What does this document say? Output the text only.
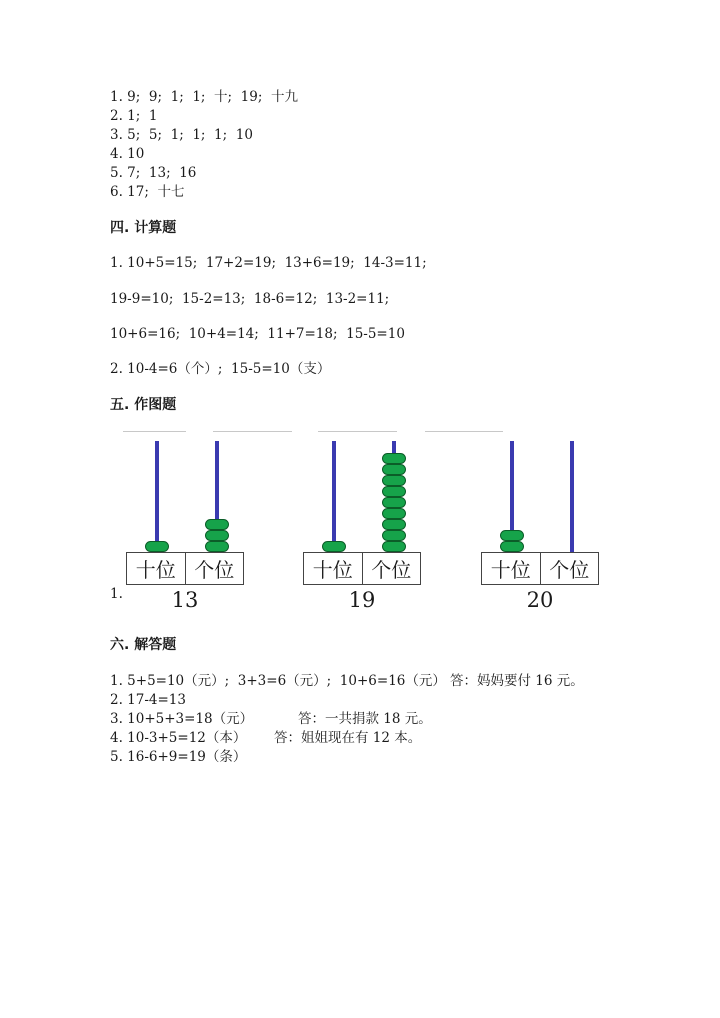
1. 9;  9;  1;  1;  十;  19;  十九
2. 1;  1
3. 5;  5;  1;  1;  1;  10
4. 10
5. 7;  13;  16
6. 17;  十七
四. 计算题
1. 10+5=15;  17+2=19;  13+6=19;  14-3=11;
19-9=10;  15-2=13;  18-6=12;  13-2=11;
10+6=16;  10+4=14;  11+7=18;  15-5=10
2. 10-4=6（个）;  15-5=10（支）
五. 作图题
1.
十位 个位
13
十位 个位
19
十位 个位
20
六. 解答题
1. 5+5=10（元）;  3+3=6（元）;  10+6=16（元） 答：妈妈要付 16 元。
2. 17-4=13
3. 10+5+3=18（元）	答：一共捐款 18 元。
4. 10-3+5=12（本） 答：姐姐现在有 12 本。
5. 16-6+9=19（条）
